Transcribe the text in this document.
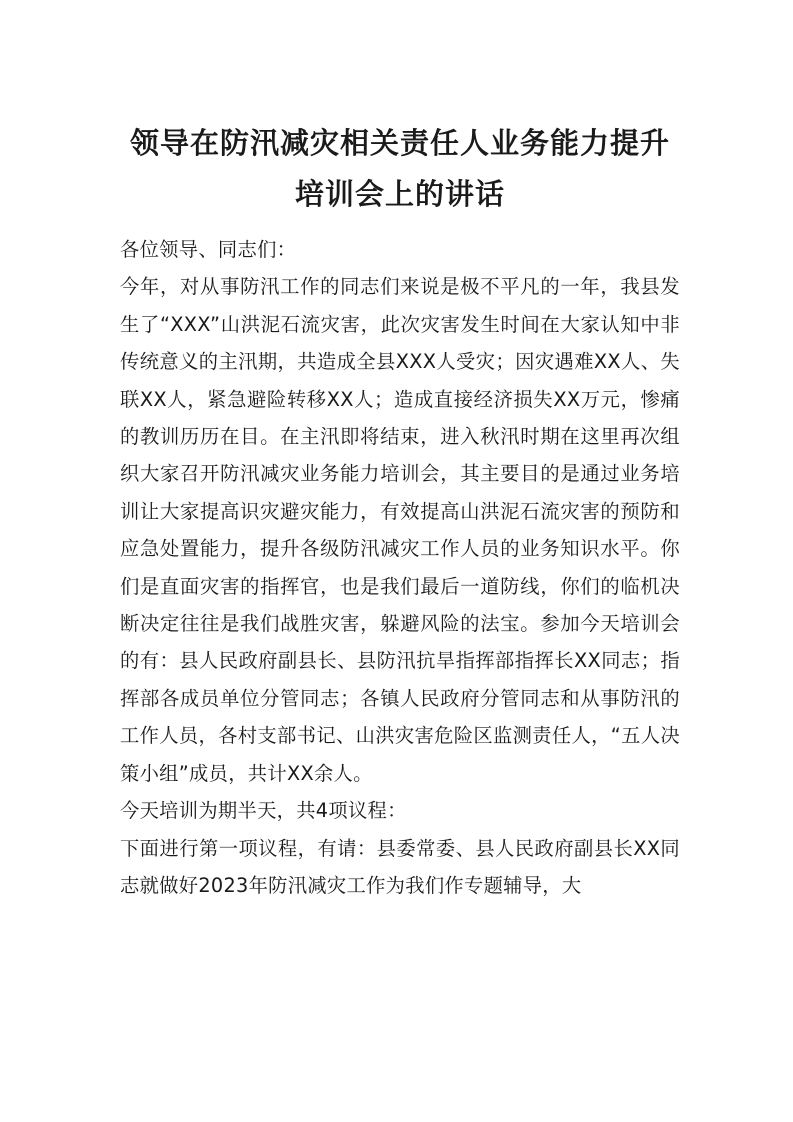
领导在防汛减灾相关责任人业务能力提升
培训会上的讲话

各位领导、同志们：

今年，对从事防汛工作的同志们来说是极不平凡的一年，我县发生了“XXX”山洪泥石流灾害，此次灾害发生时间在大家认知中非传统意义的主汛期，共造成全县XXX人受灾；因灾遇难XX人、失联XX人，紧急避险转移XX人；造成直接经济损失XX万元，惨痛的教训历历在目。在主汛即将结束，进入秋汛时期在这里再次组织大家召开防汛减灾业务能力培训会，其主要目的是通过业务培训让大家提高识灾避灾能力，有效提高山洪泥石流灾害的预防和应急处置能力，提升各级防汛减灾工作人员的业务知识水平。你们是直面灾害的指挥官，也是我们最后一道防线，你们的临机决断决定往往是我们战胜灾害，躲避风险的法宝。参加今天培训会的有：县人民政府副县长、县防汛抗旱指挥部指挥长XX同志；指挥部各成员单位分管同志；各镇人民政府分管同志和从事防汛的工作人员，各村支部书记、山洪灾害危险区监测责任人，“五人决策小组”成员，共计XX余人。

今天培训为期半天，共4项议程：

下面进行第一项议程，有请：县委常委、县人民政府副县长XX同志就做好2023年防汛减灾工作为我们作专题辅导，大
